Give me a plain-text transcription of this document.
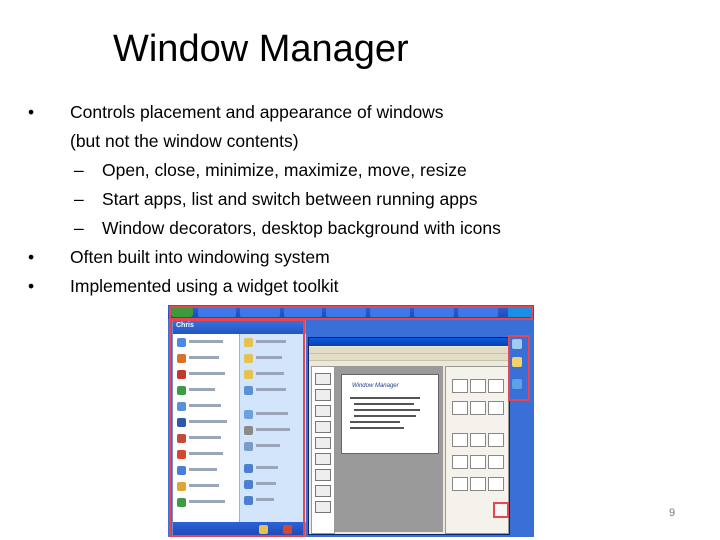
Window Manager
• Controls placement and appearance of windows
(but not the window contents)
– Open, close, minimize, maximize, move, resize
– Start apps, list and switch between running apps
– Window decorators, desktop background with icons
• Often built into windowing system
• Implemented using a widget toolkit
Chris
Window Manager
9
